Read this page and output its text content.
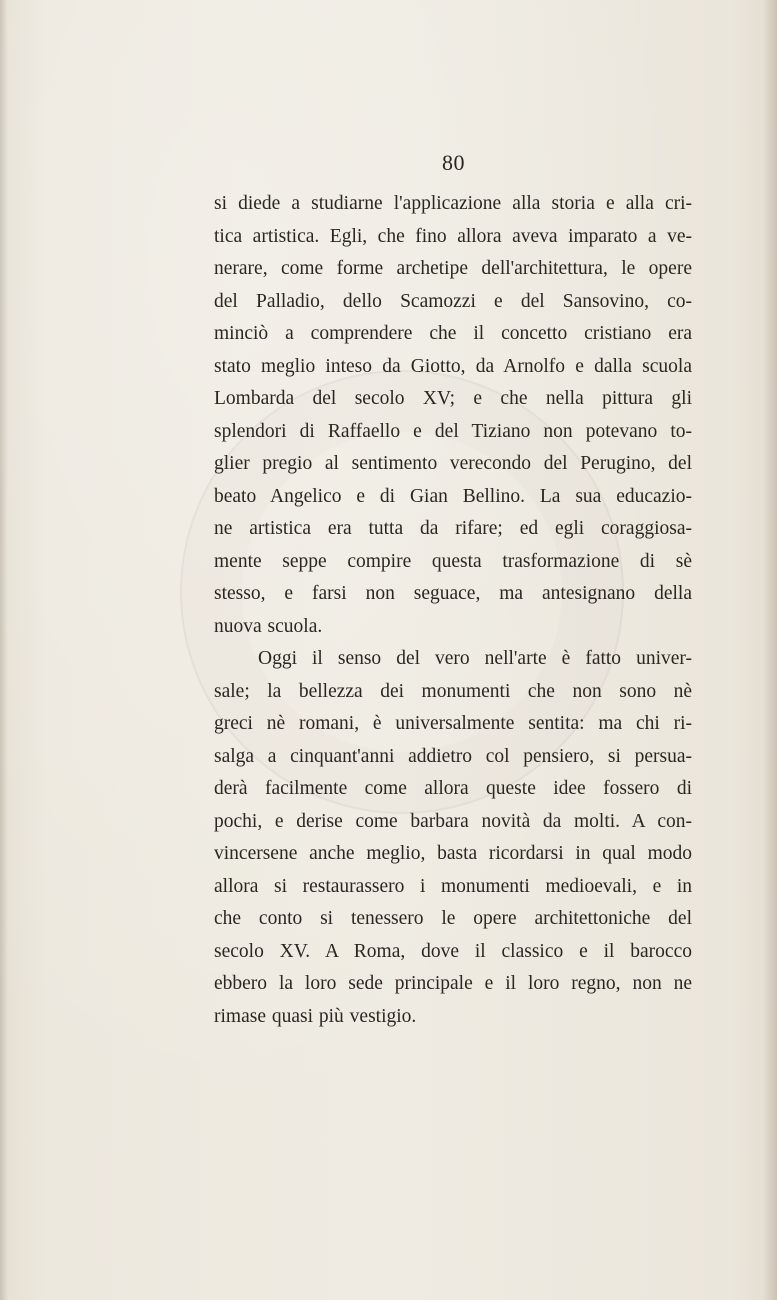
80
si diede a studiarne l'applicazione alla storia e alla cri-
tica artistica. Egli, che fino allora aveva imparato a ve-
nerare, come forme archetipe dell'architettura, le opere
del Palladio, dello Scamozzi e del Sansovino, co-
minciò a comprendere che il concetto cristiano era
stato meglio inteso da Giotto, da Arnolfo e dalla scuola
Lombarda del secolo XV; e che nella pittura gli
splendori di Raffaello e del Tiziano non potevano to-
glier pregio al sentimento verecondo del Perugino, del
beato Angelico e di Gian Bellino. La sua educazio-
ne artistica era tutta da rifare; ed egli coraggiosa-
mente seppe compire questa trasformazione di sè
stesso, e farsi non seguace, ma antesignano della
nuova scuola.
Oggi il senso del vero nell'arte è fatto univer-
sale; la bellezza dei monumenti che non sono nè
greci nè romani, è universalmente sentita: ma chi ri-
salga a cinquant'anni addietro col pensiero, si persua-
derà facilmente come allora queste idee fossero di
pochi, e derise come barbara novità da molti. A con-
vincersene anche meglio, basta ricordarsi in qual modo
allora si restaurassero i monumenti medioevali, e in
che conto si tenessero le opere architettoniche del
secolo XV. A Roma, dove il classico e il barocco
ebbero la loro sede principale e il loro regno, non ne
rimase quasi più vestigio.
